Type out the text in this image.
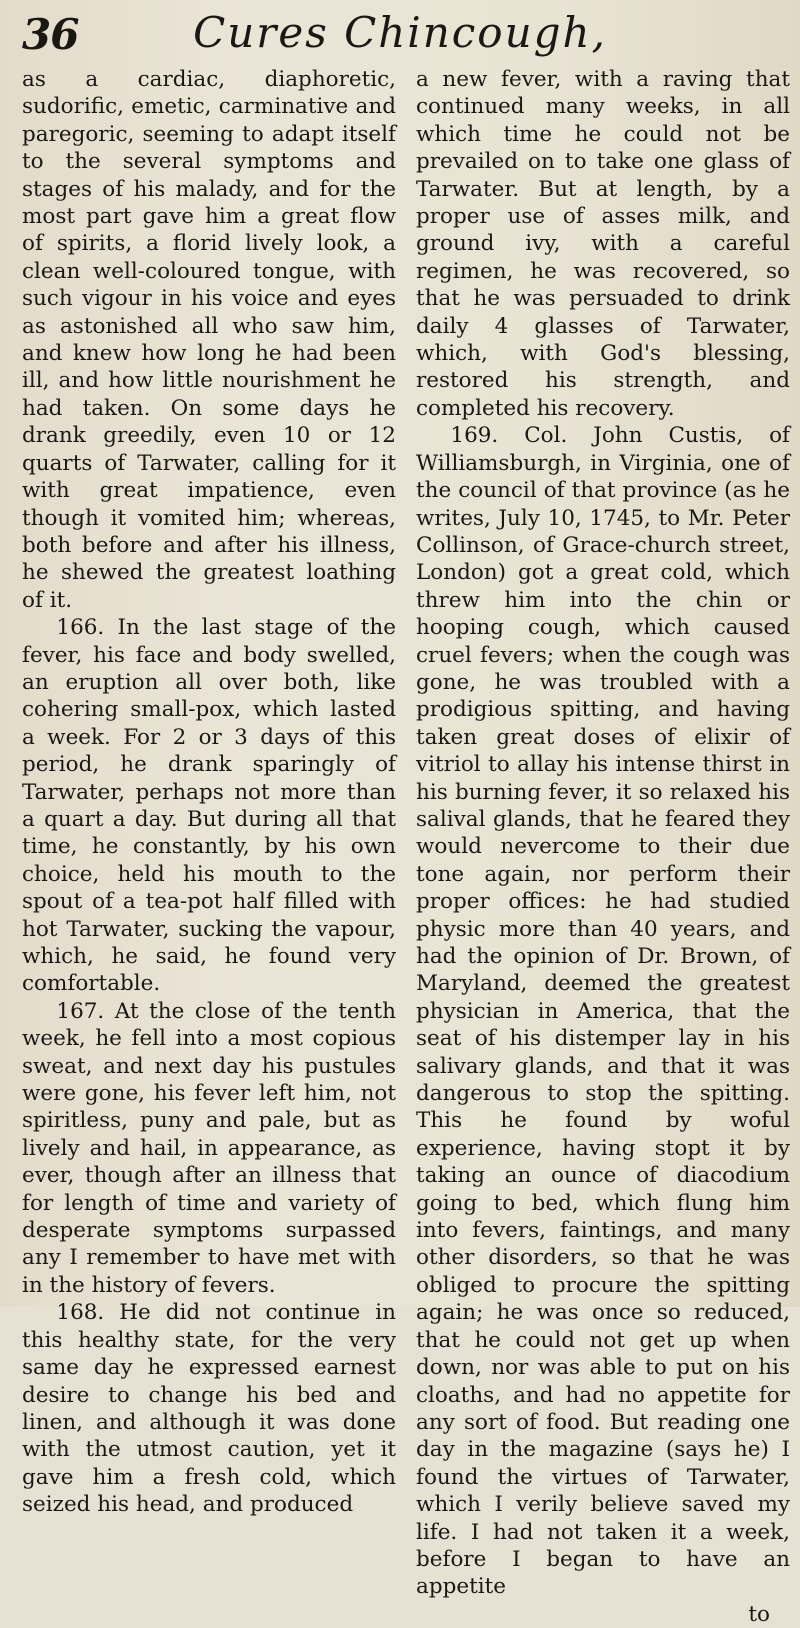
36	Cures Chincough,

as a cardiac, diaphoretic, sudorific, emetic, carminative and paregoric, seeming to adapt itself to the several symptoms and stages of his malady, and for the most part gave him a great flow of spirits, a florid lively look, a clean well-coloured tongue, with such vigour in his voice and eyes as astonished all who saw him, and knew how long he had been ill, and how little nourishment he had taken. On some days he drank greedily, even 10 or 12 quarts of Tarwater, calling for it with great impatience, even though it vomited him; whereas, both before and after his illness, he shewed the greatest loathing of it.

166. In the last stage of the fever, his face and body swelled, an eruption all over both, like cohering small-pox, which lasted a week. For 2 or 3 days of this period, he drank sparingly of Tarwater, perhaps not more than a quart a day. But during all that time, he constantly, by his own choice, held his mouth to the spout of a tea-pot half filled with hot Tarwater, sucking the vapour, which, he said, he found very comfortable.

167. At the close of the tenth week, he fell into a most copious sweat, and next day his pustules were gone, his fever left him, not spiritless, puny and pale, but as lively and hail, in appearance, as ever, though after an illness that for length of time and variety of desperate symptoms surpassed any I remember to have met with in the history of fevers.

168. He did not continue in this healthy state, for the very same day he expressed earnest desire to change his bed and linen, and although it was done with the utmost caution, yet it gave him a fresh cold, which seized his head, and produced

a new fever, with a raving that continued many weeks, in all which time he could not be prevailed on to take one glass of Tarwater. But at length, by a proper use of asses milk, and ground ivy, with a careful regimen, he was recovered, so that he was persuaded to drink daily 4 glasses of Tarwater, which, with God's blessing, restored his strength, and completed his recovery.

169. Col. John Custis, of Williamsburgh, in Virginia, one of the council of that province (as he writes, July 10, 1745, to Mr. Peter Collinson, of Grace-church street, London) got a great cold, which threw him into the chin or hooping cough, which caused cruel fevers; when the cough was gone, he was troubled with a prodigious spitting, and having taken great doses of elixir of vitriol to allay his intense thirst in his burning fever, it so relaxed his salival glands, that he feared they would nevercome to their due tone again, nor perform their proper offices: he had studied physic more than 40 years, and had the opinion of Dr. Brown, of Maryland, deemed the greatest physician in America, that the seat of his distemper lay in his salivary glands, and that it was dangerous to stop the spitting. This he found by woful experience, having stopt it by taking an ounce of diacodium going to bed, which flung him into fevers, faintings, and many other disorders, so that he was obliged to procure the spitting again; he was once so reduced, that he could not get up when down, nor was able to put on his cloaths, and had no appetite for any sort of food. But reading one day in the magazine (says he) I found the virtues of Tarwater, which I verily believe saved my life. I had not taken it a week, before I began to have an appetite

to
